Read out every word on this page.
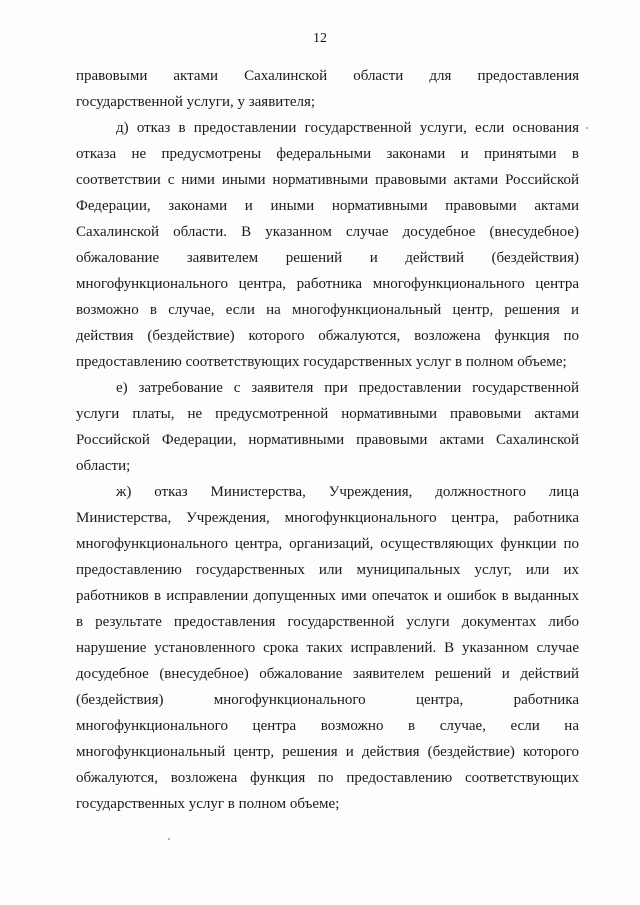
12
правовыми актами Сахалинской области для предоставления
государственной услуги, у заявителя;
д) отказ в предоставлении государственной услуги, если основания
отказа не предусмотрены федеральными законами и принятыми в
соответствии с ними иными нормативными правовыми актами Российской
Федерации, законами и иными нормативными правовыми актами
Сахалинской области. В указанном случае досудебное (внесудебное)
обжалование заявителем решений и действий (бездействия)
многофункционального центра, работника многофункционального центра
возможно в случае, если на многофункциональный центр, решения и
действия (бездействие) которого обжалуются, возложена функция по
предоставлению соответствующих государственных услуг в полном объеме;
е) затребование с заявителя при предоставлении государственной
услуги платы, не предусмотренной нормативными правовыми актами
Российской Федерации, нормативными правовыми актами Сахалинской
области;
ж) отказ Министерства, Учреждения, должностного лица
Министерства, Учреждения, многофункционального центра, работника
многофункционального центра, организаций, осуществляющих функции по
предоставлению государственных или муниципальных услуг, или их
работников в исправлении допущенных ими опечаток и ошибок в выданных
в результате предоставления государственной услуги документах либо
нарушение установленного срока таких исправлений. В указанном случае
досудебное (внесудебное) обжалование заявителем решений и действий
(бездействия) многофункционального центра, работника
многофункционального центра возможно в случае, если на
многофункциональный центр, решения и действия (бездействие) которого
обжалуются, возложена функция по предоставлению соответствующих
государственных услуг в полном объеме;
